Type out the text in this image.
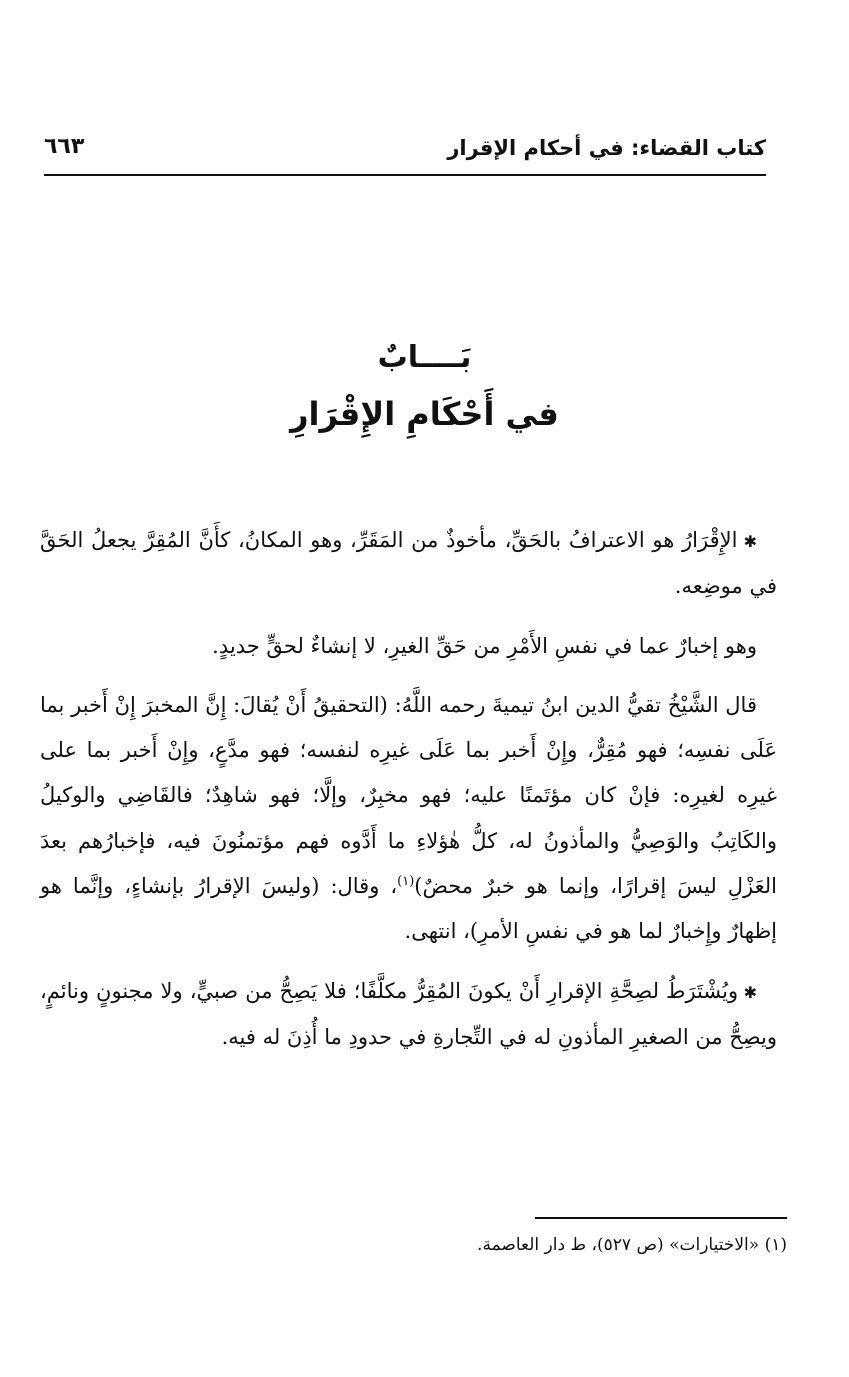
كتاب القضاء: في أحكام الإقرار
٦٦٣
بَــــابٌ
في أَحْكَامِ الإِقْرَارِ

✱ الإِقْرَارُ هو الاعترافُ بالحَقِّ، مأخوذٌ من المَقَرِّ، وهو المكانُ، كأَنَّ المُقِرَّ يجعلُ الحَقَّ في موضِعه.

وهو إخبارٌ عما في نفسِ الأَمْرِ من حَقِّ الغيرِ، لا إنشاءٌ لحقٍّ جديدٍ.

قال الشَّيْخُ تقيُّ الدين ابنُ تيميةَ رحمه اللَّهُ: (التحقيقُ أَنْ يُقالَ: إِنَّ المخبرَ إِنْ أَخبر بما عَلَى نفسِه؛ فهو مُقِرٌّ، وإِنْ أَخبر بما عَلَى غيرِه لنفسه؛ فهو مدَّعٍ، وإِنْ أَخبر بما على غيرِه لغيرِه: فإنْ كان مؤتَمنًا عليه؛ فهو مخبِرٌ، وإلَّا؛ فهو شاهِدٌ؛ فالقَاضِي والوكيلُ والكَاتِبُ والوَصِيُّ والمأذونُ له، كلُّ هٰؤلاءِ ما أَدَّوه فهم مؤتمنُونَ فيه، فإخبارُهم بعدَ العَزْلِ ليسَ إقرارًا، وإنما هو خبرٌ محضٌ)$^{(١)}$، وقال: (وليسَ الإقرارُ بإنشاءٍ، وإنَّما هو إظهارٌ وإِخبارٌ لما هو في نفسِ الأمرِ)، انتهى.

✱ ويُشْتَرَطُ لصِحَّةِ الإقرارِ أَنْ يكونَ المُقِرُّ مكلَّفًا؛ فلا يَصِحُّ من صبيٍّ، ولا مجنونٍ ونائمٍ، ويصِحُّ من الصغيرِ المأذونِ له في التِّجارةِ في حدودِ ما أُذِنَ له فيه.

(١) «الاختيارات» (ص ٥٢٧)، ط دار العاصمة.
